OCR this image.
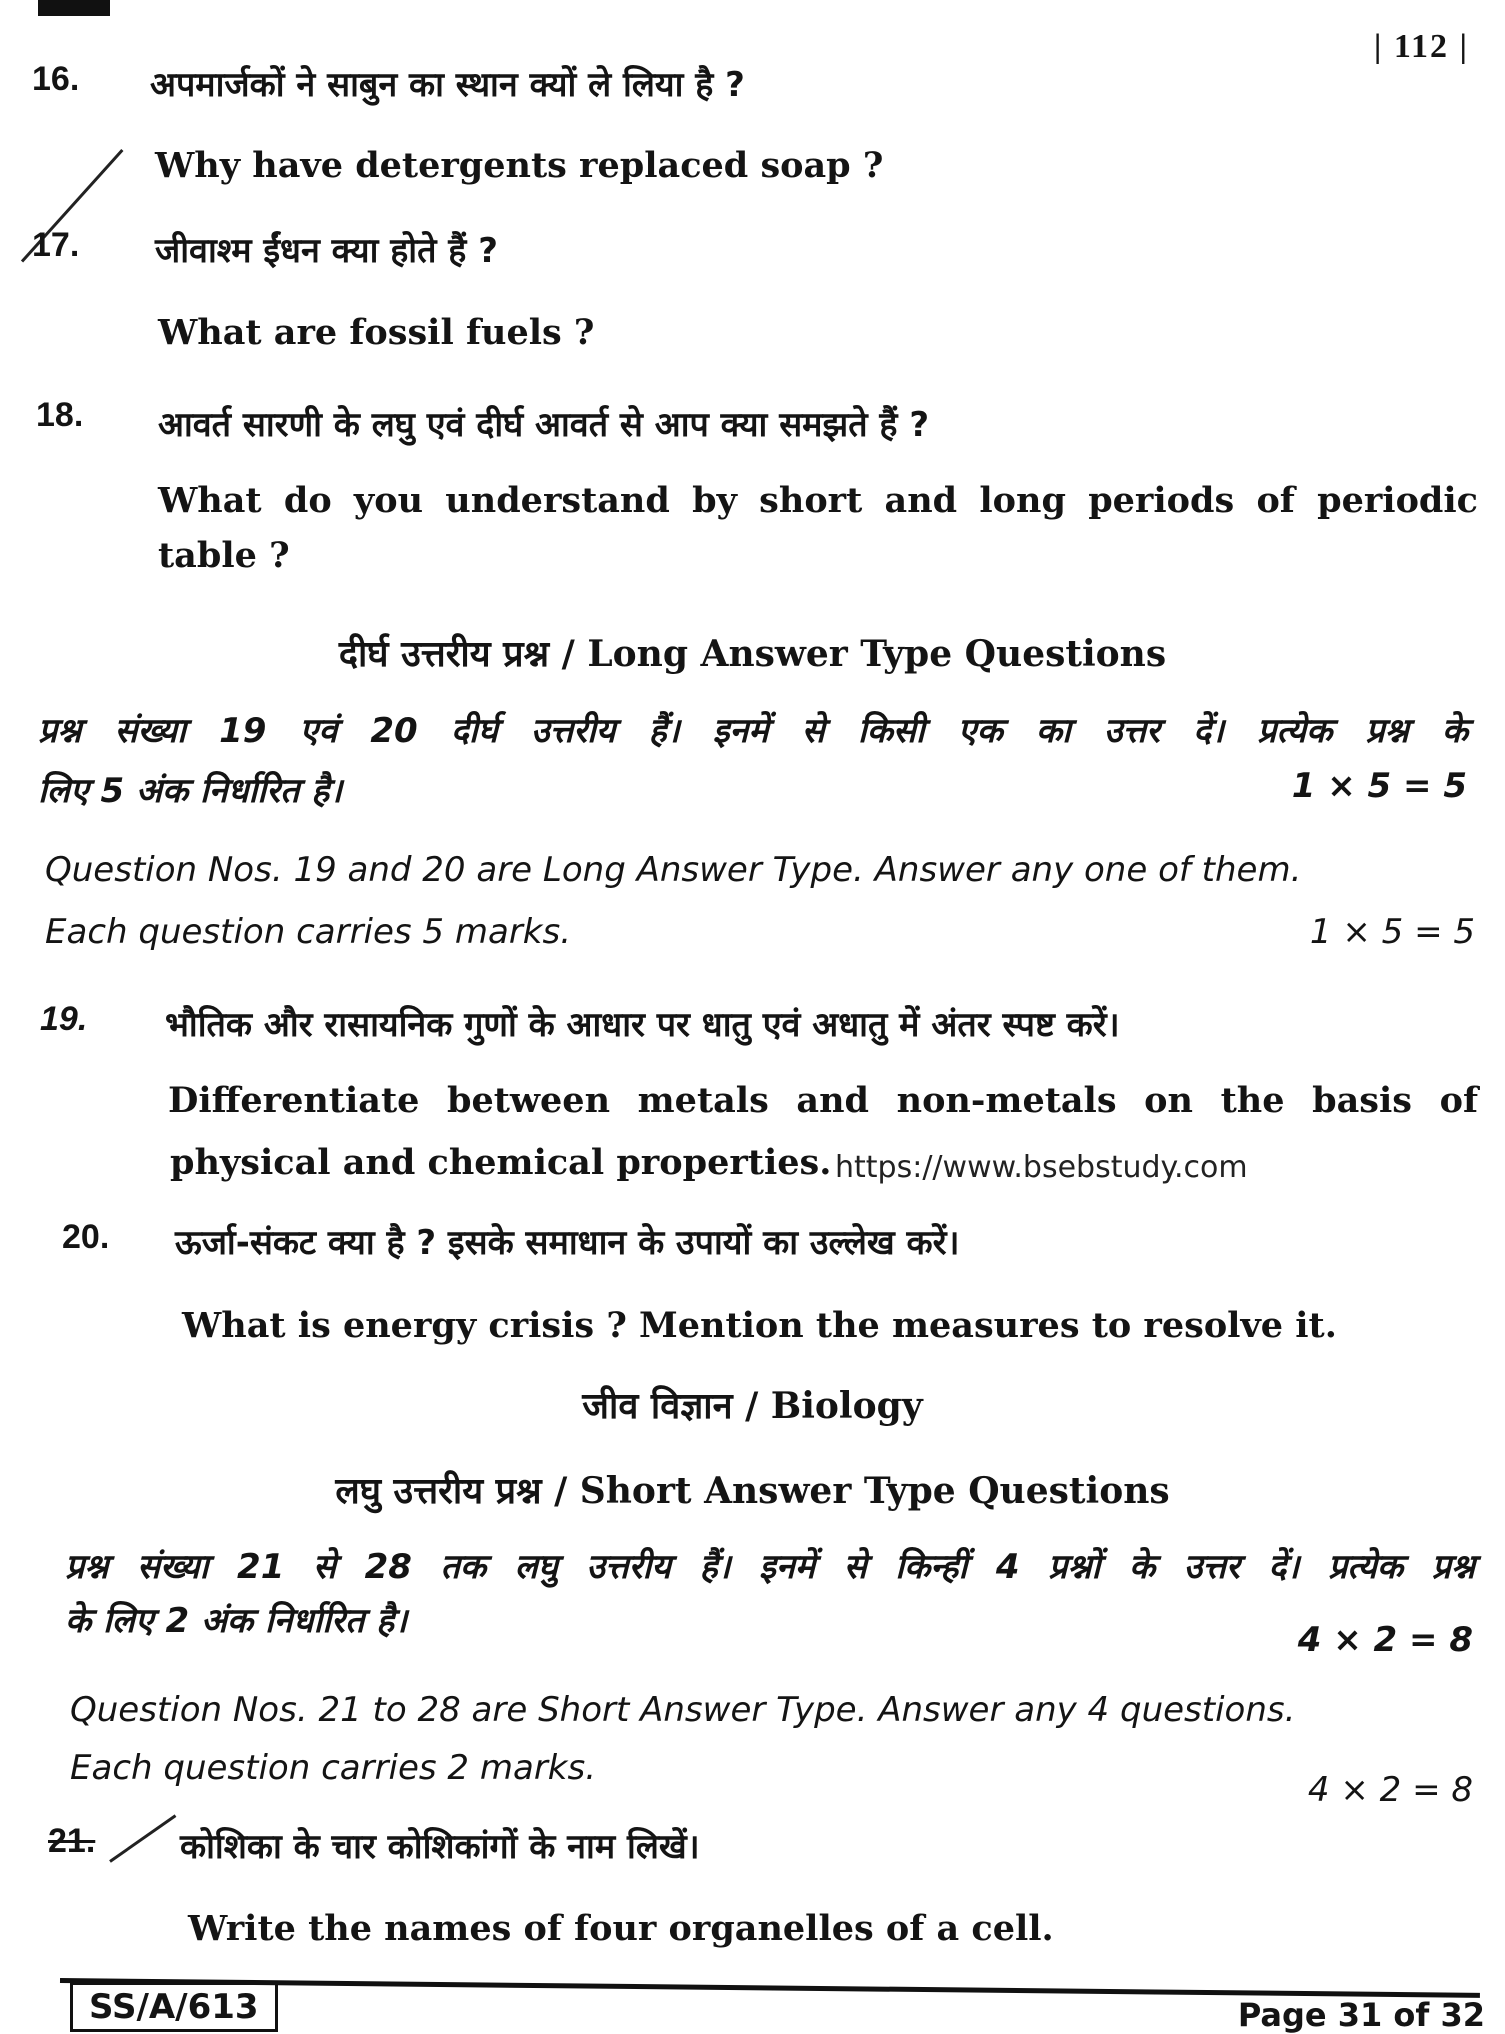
| 112 |
16. अपमार्जकों ने साबुन का स्थान क्यों ले लिया है ?
Why have detergents replaced soap ?
17. जीवाश्म ईंधन क्या होते हैं ?
What are fossil fuels ?
18. आवर्त सारणी के लघु एवं दीर्घ आवर्त से आप क्या समझते हैं ?
What do you understand by short and long periods of periodic
table ?
दीर्घ उत्तरीय प्रश्न / Long Answer Type Questions
प्रश्न संख्या 19 एवं 20 दीर्घ उत्तरीय हैं। इनमें से किसी एक का उत्तर दें। प्रत्येक प्रश्न के
लिए 5 अंक निर्धारित है।	1 × 5 = 5
Question Nos. 19 and 20 are Long Answer Type. Answer any one of them.
Each question carries 5 marks.	1 × 5 = 5
19. भौतिक और रासायनिक गुणों के आधार पर धातु एवं अधातु में अंतर स्पष्ट करें।
Differentiate between metals and non-metals on the basis of
physical and chemical properties. https://www.bsebstudy.com
20. ऊर्जा-संकट क्या है ? इसके समाधान के उपायों का उल्लेख करें।
What is energy crisis ? Mention the measures to resolve it.
जीव विज्ञान / Biology
लघु उत्तरीय प्रश्न / Short Answer Type Questions
प्रश्न संख्या 21 से 28 तक लघु उत्तरीय हैं। इनमें से किन्हीं 4 प्रश्नों के उत्तर दें। प्रत्येक प्रश्न
के लिए 2 अंक निर्धारित है।	4 × 2 = 8
Question Nos. 21 to 28 are Short Answer Type. Answer any 4 questions.
Each question carries 2 marks.
4 × 2 = 8
21. कोशिका के चार कोशिकांगों के नाम लिखें।
Write the names of four organelles of a cell.
SS/A/613	Page 31 of 32
